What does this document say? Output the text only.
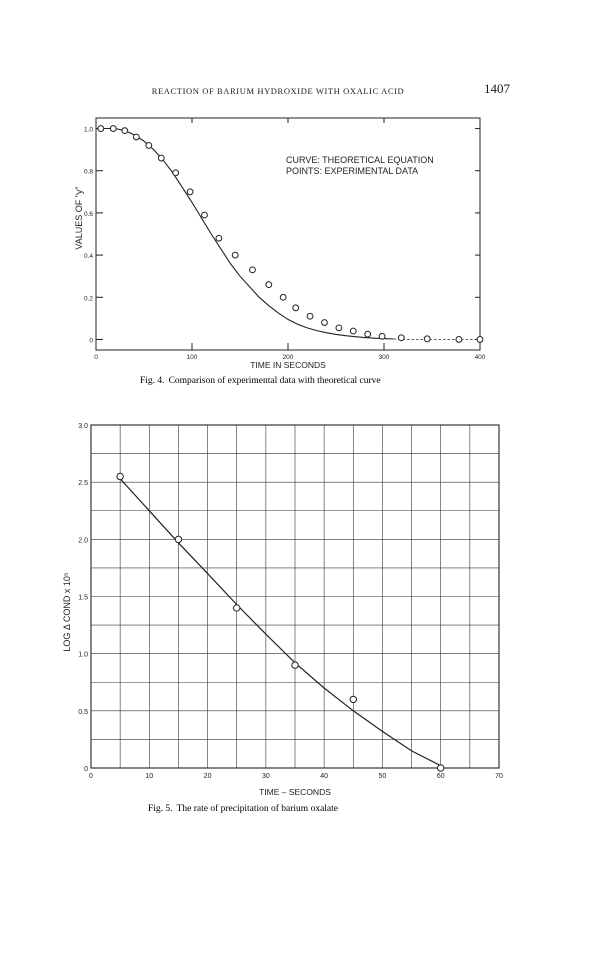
REACTION OF BARIUM HYDROXIDE WITH OXALIC ACID	1407
0
0.2
0.4
0.6
0.8
1.0
0	100	200	300	400
CURVE: THEORETICAL EQUATION
POINTS: EXPERIMENTAL DATA
VALUES OF "y"
TIME IN SECONDS
Fig. 4. Comparison of experimental data with theoretical curve
0
0.5
1.0
1.5
2.0
2.5
3.0
0	10	20	30	40	50	60	70
LOG Δ COND x 10⁵
TIME – SECONDS
Fig. 5. The rate of precipitation of barium oxalate
